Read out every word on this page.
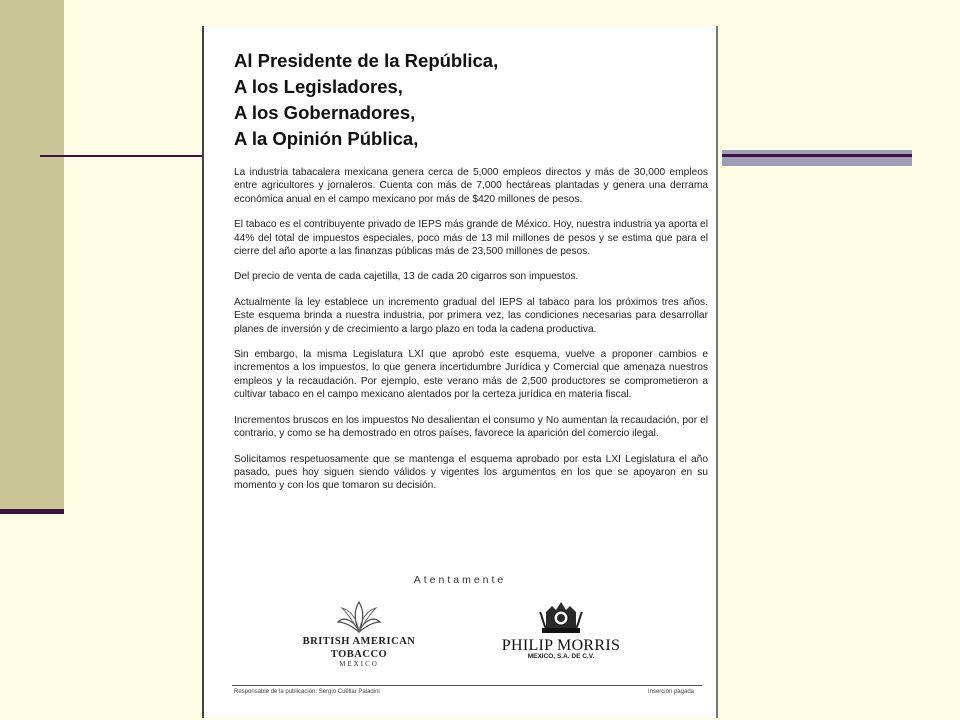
Al Presidente de la República,
A los Legisladores,
A los Gobernadores,
A la Opinión Pública,

La industria tabacalera mexicana genera cerca de 5,000 empleos directos y más de 30,000 empleos entre agricultores y jornaleros. Cuenta con más de 7,000 hectáreas plantadas y genera una derrama económica anual en el campo mexicano por más de $420 millones de pesos.

El tabaco es el contribuyente privado de IEPS más grande de México. Hoy, nuestra industria ya aporta el 44% del total de impuestos especiales, poco más de 13 mil millones de pesos y se estima que para el cierre del año aporte a las finanzas públicas más de 23,500 millones de pesos.

Del precio de venta de cada cajetilla, 13 de cada 20 cigarros son impuestos.

Actualmente la ley establece un incremento gradual del IEPS al tabaco para los próximos tres años. Este esquema brinda a nuestra industria, por primera vez, las condiciones necesarias para desarrollar planes de inversión y de crecimiento a largo plazo en toda la cadena productiva.

Sin embargo, la misma Legislatura LXI que aprobó este esquema, vuelve a proponer cambios e incrementos a los impuestos, lo que genera incertidumbre Jurídica y Comercial que amenaza nuestros empleos y la recaudación. Por ejemplo, este verano más de 2,500 productores se comprometieron a cultivar tabaco en el campo mexicano alentados por la certeza jurídica en materia fiscal.

Incrementos bruscos en los impuestos No desalientan el consumo y No aumentan la recaudación, por el contrario, y como se ha demostrado en otros países, favorece la aparición del comercio ilegal.

Solicitamos respetuosamente que se mantenga el esquema aprobado por esta LXI Legislatura el año pasado, pues hoy siguen siendo válidos y vigentes los argumentos en los que se apoyaron en su momento y con los que tomaron su decisión.

Atentamente
BRITISH AMERICAN
TOBACCO
MEXICO
PHILIP MORRIS
MEXICO, S.A. DE C.V.
Responsable de la publicación: Sergio Cuéllar Paladini	Inserción pagada
